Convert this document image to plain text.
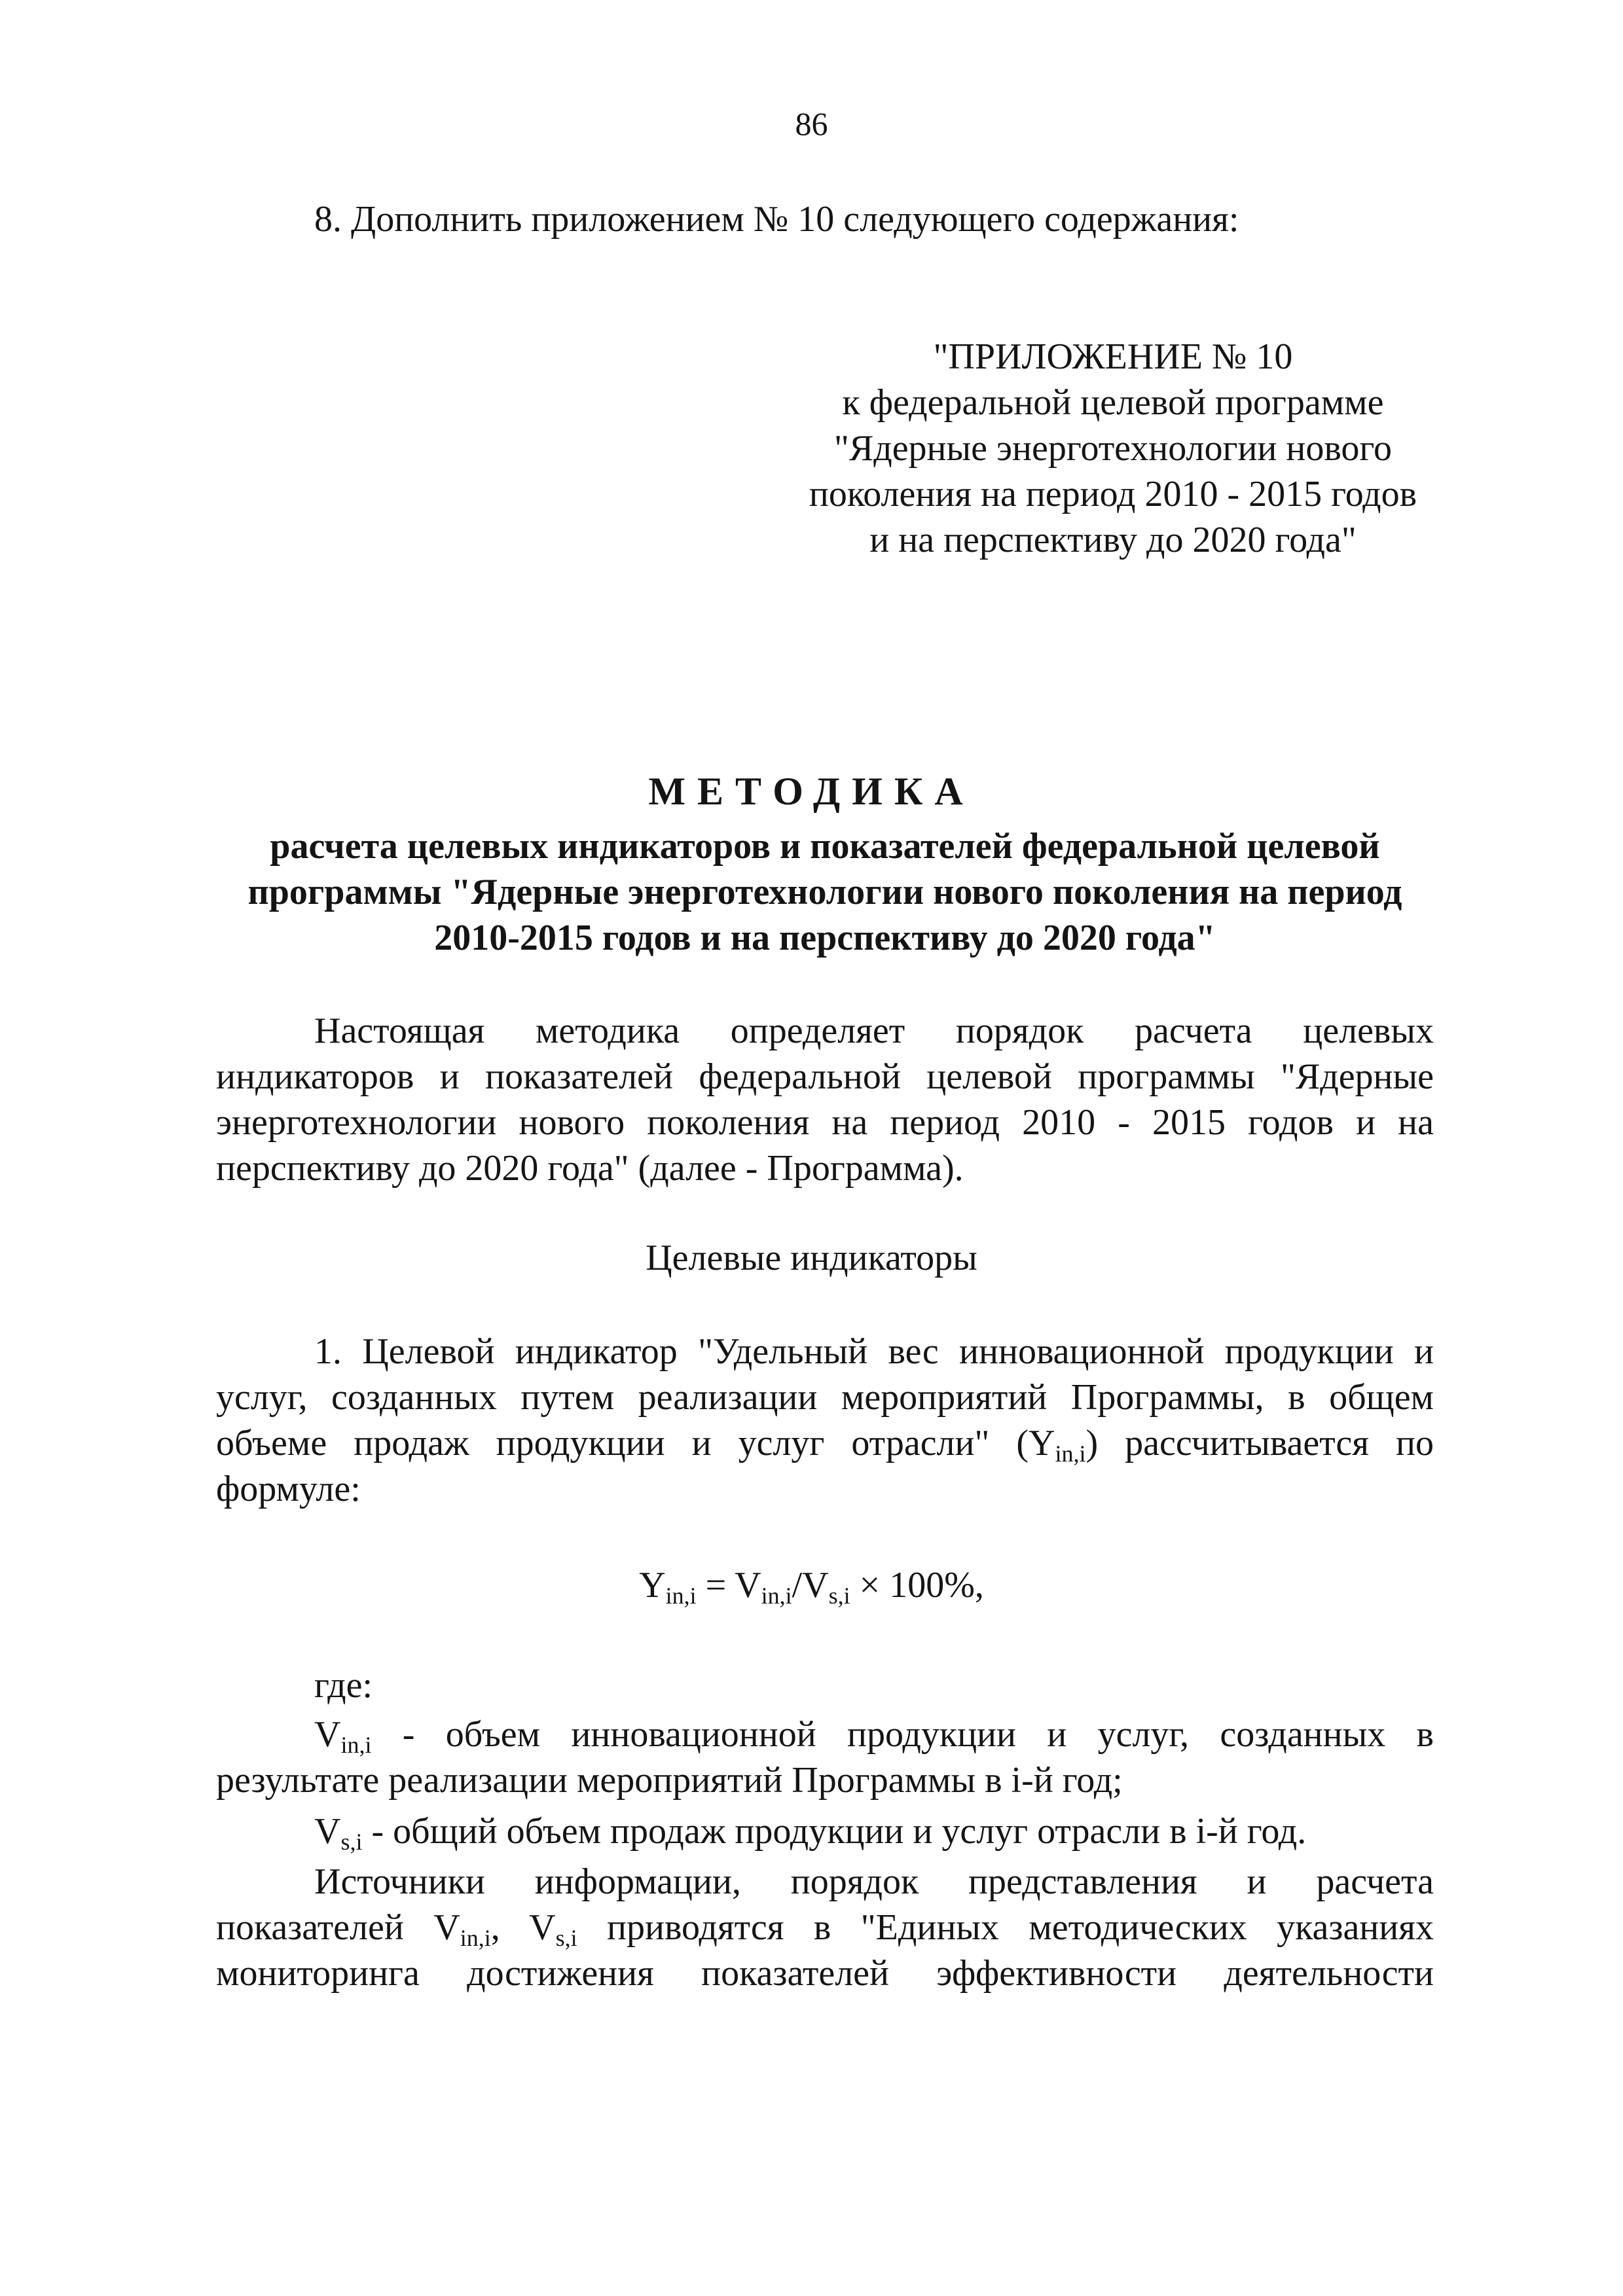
86
8. Дополнить приложением № 10 следующего содержания:
"ПРИЛОЖЕНИЕ № 10
к федеральной целевой программе
"Ядерные энерготехнологии нового
поколения на период 2010 - 2015 годов
и на перспективу до 2020 года"
МЕТОДИКА
расчета целевых индикаторов и показателей федеральной целевой
программы "Ядерные энерготехнологии нового поколения на период
2010-2015 годов и на перспективу до 2020 года"
Настоящая методика определяет порядок расчета целевых
индикаторов и показателей федеральной целевой программы "Ядерные
энерготехнологии нового поколения на период 2010 - 2015 годов и на
перспективу до 2020 года" (далее - Программа).
Целевые индикаторы
1. Целевой индикатор "Удельный вес инновационной продукции и
услуг, созданных путем реализации мероприятий Программы, в общем
объеме продаж продукции и услуг отрасли" $(Y_{in,i})$ рассчитывается по
формуле:
$Y_{in,i} = V_{in,i}/V_{s,i} \times 100\%$,
где:
$V_{in,i}$ - объем инновационной продукции и услуг, созданных в
результате реализации мероприятий Программы в i-й год;
$V_{s,i}$ - общий объем продаж продукции и услуг отрасли в i-й год.
Источники информации, порядок представления и расчета
показателей $V_{in,i}$, $V_{s,i}$ приводятся в "Единых методических указаниях
мониторинга достижения показателей эффективности деятельности
